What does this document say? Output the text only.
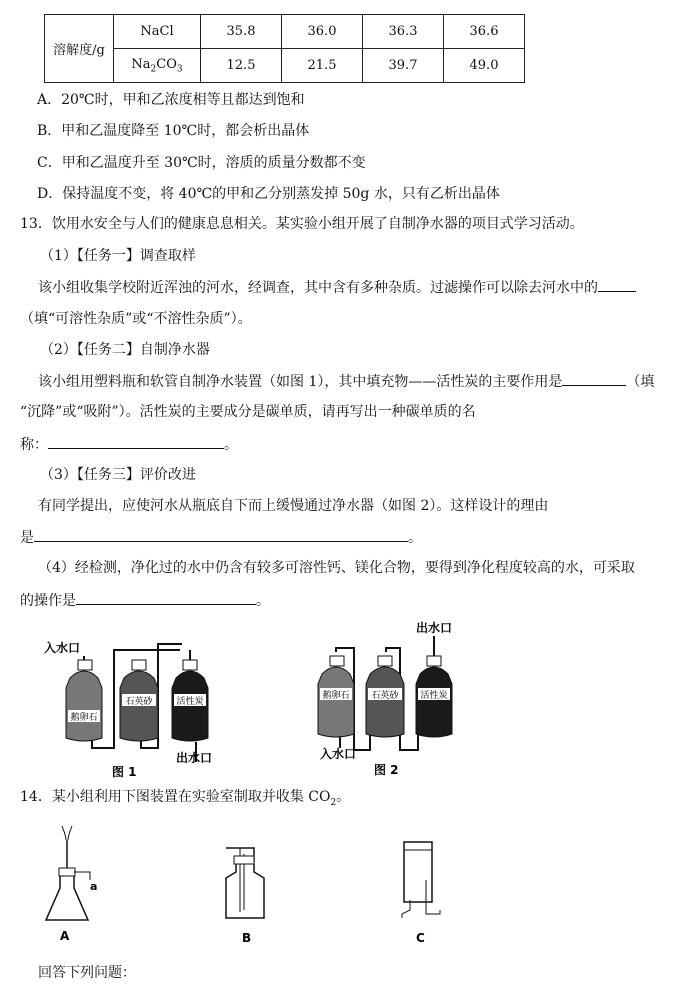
溶解度/g	NaCl	35.8	36.0	36.3	36.6
	$Na_2CO_3$	12.5	21.5	39.7	49.0
A．20℃时，甲和乙浓度相等且都达到饱和
B．甲和乙温度降至 10℃时，都会析出晶体
C．甲和乙温度升至 30℃时，溶质的质量分数都不变
D．保持温度不变，将 40℃的甲和乙分别蒸发掉 50g 水，只有乙析出晶体
13．饮用水安全与人们的健康息息相关。某实验小组开展了自制净水器的项目式学习活动。
（1）【任务一】调查取样
该小组收集学校附近浑浊的河水，经调查，其中含有多种杂质。过滤操作可以除去河水中的
（填“可溶性杂质”或“不溶性杂质”）。
（2）【任务二】自制净水器
该小组用塑料瓶和软管自制净水装置（如图 1），其中填充物——活性炭的主要作用是	（填
“沉降”或“吸附”）。活性炭的主要成分是碳单质，请再写出一种碳单质的名
称：	。
（3）【任务三】评价改进
有同学提出，应使河水从瓶底自下而上缓慢通过净水器（如图 2）。这样设计的理由
是	。
（4）经检测，净化过的水中仍含有较多可溶性钙、镁化合物，要得到净化程度较高的水，可采取
的操作是	。
入水口
鹅卵石
石英砂	活性炭
出水口
图 1
出水口
鹅卵石 石英砂 活性炭
入水口
图 2
14．某小组利用下图装置在实验室制取并收集 $CO_2$。
a
A	B	C
回答下列问题：
